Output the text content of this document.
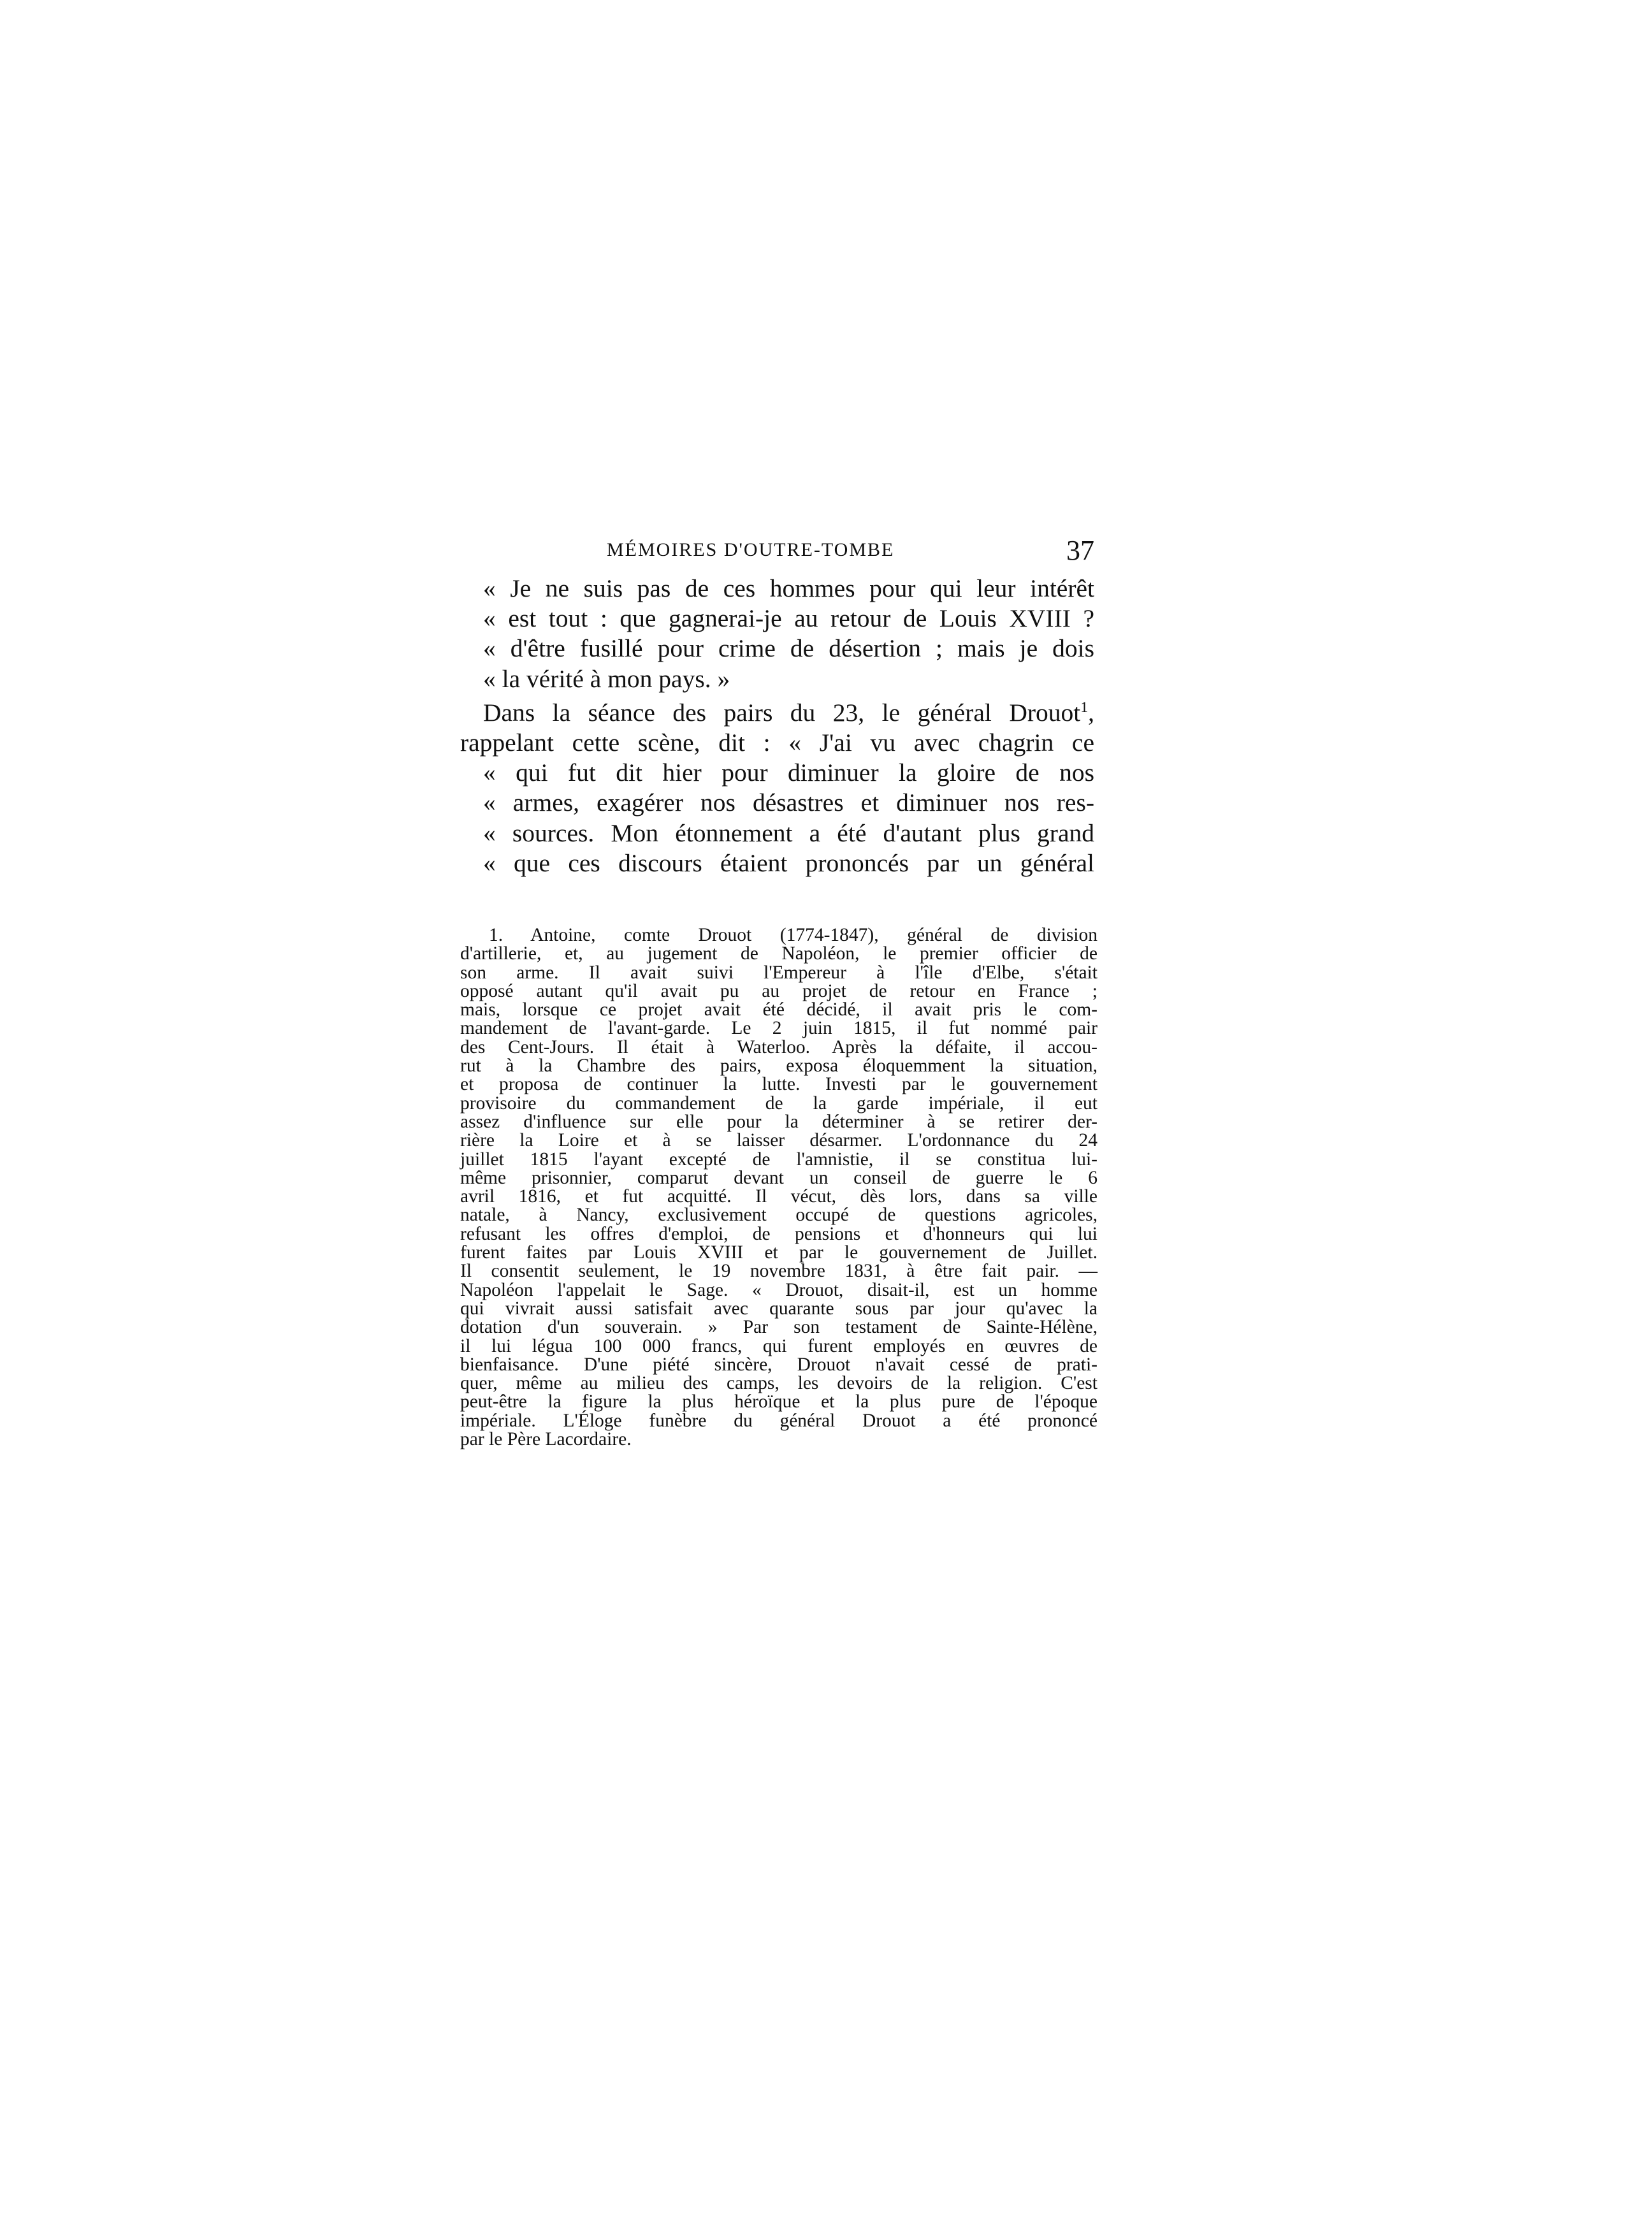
MÉMOIRES D'OUTRE-TOMBE	37
« Je ne suis pas de ces hommes pour qui leur intérêt
« est tout : que gagnerai-je au retour de Louis XVIII ?
« d'être fusillé pour crime de désertion ; mais je dois
« la vérité à mon pays. »
Dans la séance des pairs du 23, le général Drouot$^1$,
rappelant cette scène, dit : « J'ai vu avec chagrin ce
« qui fut dit hier pour diminuer la gloire de nos
« armes, exagérer nos désastres et diminuer nos res-
« sources. Mon étonnement a été d'autant plus grand
« que ces discours étaient prononcés par un général
1. Antoine, comte Drouot (1774-1847), général de division
d'artillerie, et, au jugement de Napoléon, le premier officier de
son arme. Il avait suivi l'Empereur à l'île d'Elbe, s'était
opposé autant qu'il avait pu au projet de retour en France ;
mais, lorsque ce projet avait été décidé, il avait pris le com-
mandement de l'avant-garde. Le 2 juin 1815, il fut nommé pair
des Cent-Jours. Il était à Waterloo. Après la défaite, il accou-
rut à la Chambre des pairs, exposa éloquemment la situation,
et proposa de continuer la lutte. Investi par le gouvernement
provisoire du commandement de la garde impériale, il eut
assez d'influence sur elle pour la déterminer à se retirer der-
rière la Loire et à se laisser désarmer. L'ordonnance du 24
juillet 1815 l'ayant excepté de l'amnistie, il se constitua lui-
même prisonnier, comparut devant un conseil de guerre le 6
avril 1816, et fut acquitté. Il vécut, dès lors, dans sa ville
natale, à Nancy, exclusivement occupé de questions agricoles,
refusant les offres d'emploi, de pensions et d'honneurs qui lui
furent faites par Louis XVIII et par le gouvernement de Juillet.
Il consentit seulement, le 19 novembre 1831, à être fait pair. —
Napoléon l'appelait le Sage. « Drouot, disait-il, est un homme
qui vivrait aussi satisfait avec quarante sous par jour qu'avec la
dotation d'un souverain. » Par son testament de Sainte-Hélène,
il lui légua 100 000 francs, qui furent employés en œuvres de
bienfaisance. D'une piété sincère, Drouot n'avait cessé de prati-
quer, même au milieu des camps, les devoirs de la religion. C'est
peut-être la figure la plus héroïque et la plus pure de l'époque
impériale. L'Éloge funèbre du général Drouot a été prononcé
par le Père Lacordaire.
